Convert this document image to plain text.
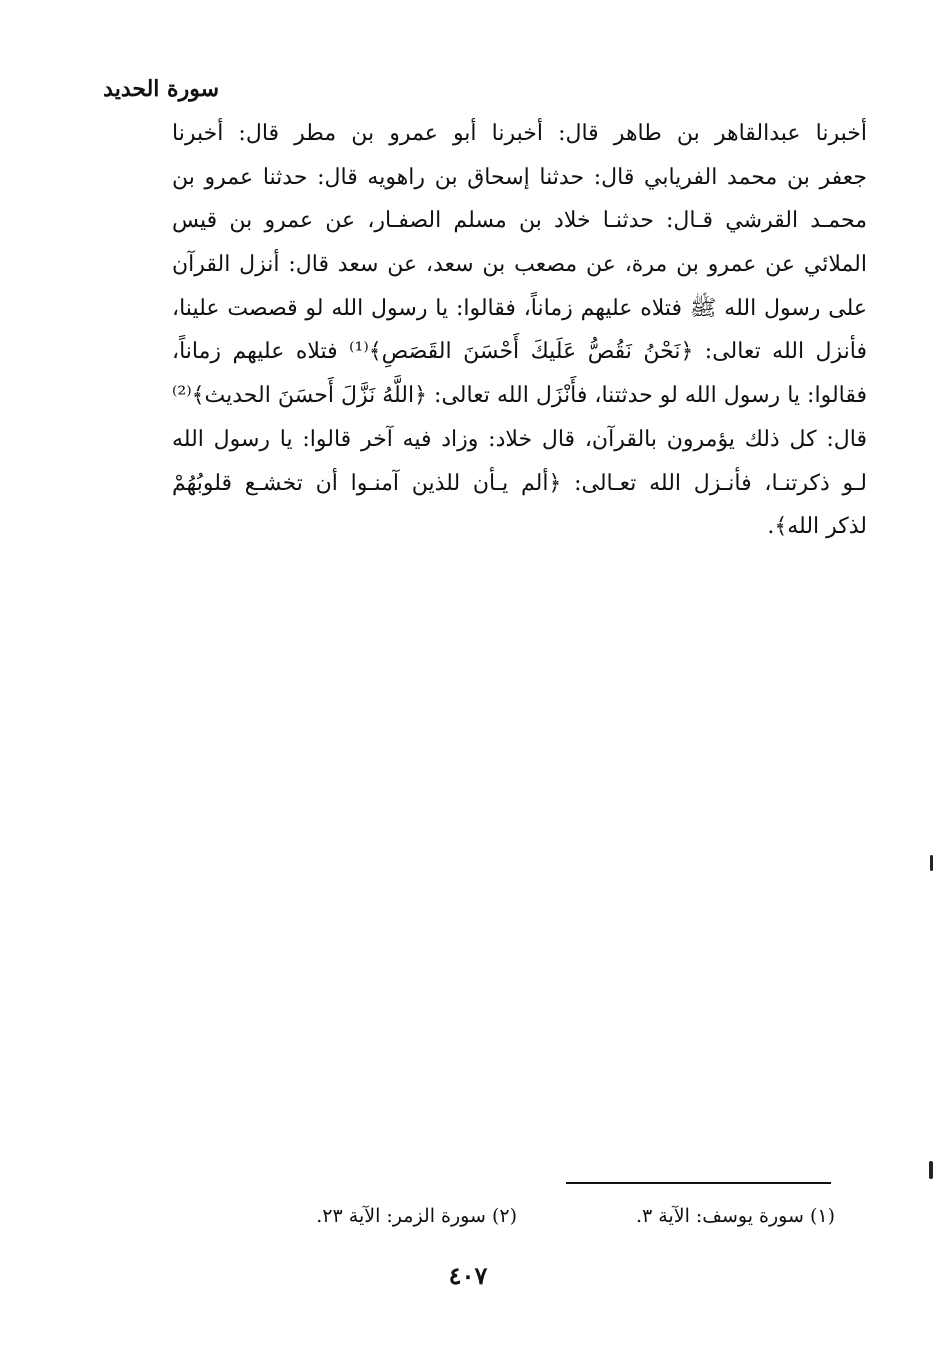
سورة الحديد
أخبرنا عبدالقاهر بن طاهر قال: أخبرنا أبو عمرو بن مطر قال: أخبرنا
جعفر بن محمد الفريابي قال: حدثنا إسحاق بن راهويه قال: حدثنا عمرو بن
محمـد القرشي قـال: حدثنـا خلاد بن مسلم الصفـار، عن عمرو بن قيس
الملائي عن عمرو بن مرة، عن مصعب بن سعد، عن سعد قال: أنزل القرآن
على رسول الله ﷺ فتلاه عليهم زماناً، فقالوا: يا رسول الله لو قصصت علينا،
فأنزل الله تعالى: ﴿نَحْنُ نَقُصُّ عَلَيكَ أَحْسَنَ القَصَصِ﴾⁽¹⁾ فتلاه عليهم زماناً،
فقالوا: يا رسول الله لو حدثتنا، فأَنْزَل الله تعالى: ﴿اللَّهُ نَزَّلَ أَحسَنَ الحديث﴾⁽²⁾
قال: كل ذلك يؤمرون بالقرآن، قال خلاد: وزاد فيه آخر قالوا: يا رسول الله
لـو ذكرتنـا، فأنـزل الله تعـالى: ﴿ألم يـأن للذين آمنـوا أن تخشـع قلوبُهُمْ
لذكر الله﴾.
(١) سورة يوسف: الآية ٣.
(٢) سورة الزمر: الآية ٢٣.
٤٠٧
